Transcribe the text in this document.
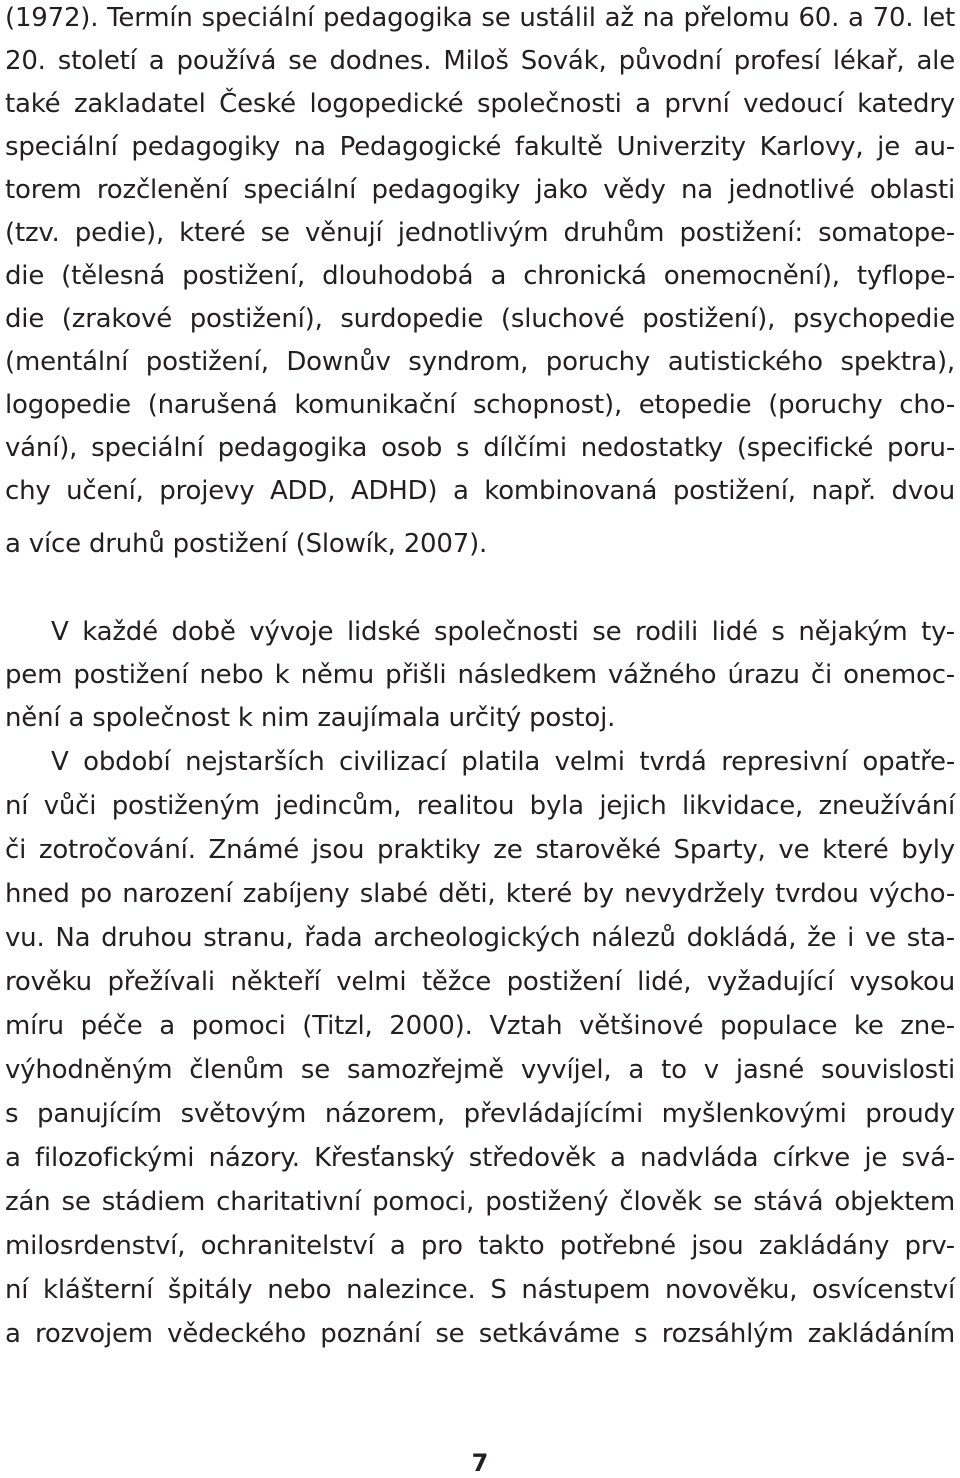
(1972). Termín speciální pedagogika se ustálil až na přelomu 60. a 70. let
20. století a používá se dodnes. Miloš Sovák, původní profesí lékař, ale
také zakladatel České logopedické společnosti a první vedoucí katedry
speciální pedagogiky na Pedagogické fakultě Univerzity Karlovy, je au-
torem rozčlenění speciální pedagogiky jako vědy na jednotlivé oblasti
(tzv. pedie), které se věnují jednotlivým druhům postižení: somatope-
die (tělesná postižení, dlouhodobá a chronická onemocnění), tyflope-
die (zrakové postižení), surdopedie (sluchové postižení), psychopedie
(mentální postižení, Downův syndrom, poruchy autistického spektra),
logopedie (narušená komunikační schopnost), etopedie (poruchy cho-
vání), speciální pedagogika osob s dílčími nedostatky (specifické poru-
chy učení, projevy ADD, ADHD) a kombinovaná postižení, např. dvou
a více druhů postižení (Slowík, 2007).
V každé době vývoje lidské společnosti se rodili lidé s nějakým ty-
pem postižení nebo k němu přišli následkem vážného úrazu či onemoc-
nění a společnost k nim zaujímala určitý postoj.
V období nejstarších civilizací platila velmi tvrdá represivní opatře-
ní vůči postiženým jedincům, realitou byla jejich likvidace, zneužívání
či zotročování. Známé jsou praktiky ze starověké Sparty, ve které byly
hned po narození zabíjeny slabé děti, které by nevydržely tvrdou výcho-
vu. Na druhou stranu, řada archeologických nálezů dokládá, že i ve sta-
rověku přežívali někteří velmi těžce postižení lidé, vyžadující vysokou
míru péče a pomoci (Titzl, 2000). Vztah většinové populace ke zne-
výhodněným členům se samozřejmě vyvíjel, a to v jasné souvislosti
s panujícím světovým názorem, převládajícími myšlenkovými proudy
a filozofickými názory. Křesťanský středověk a nadvláda církve je svá-
zán se stádiem charitativní pomoci, postižený člověk se stává objektem
milosrdenství, ochranitelství a pro takto potřebné jsou zakládány prv-
ní klášterní špitály nebo nalezince. S nástupem novověku, osvícenství
a rozvojem vědeckého poznání se setkáváme s rozsáhlým zakládáním
7
